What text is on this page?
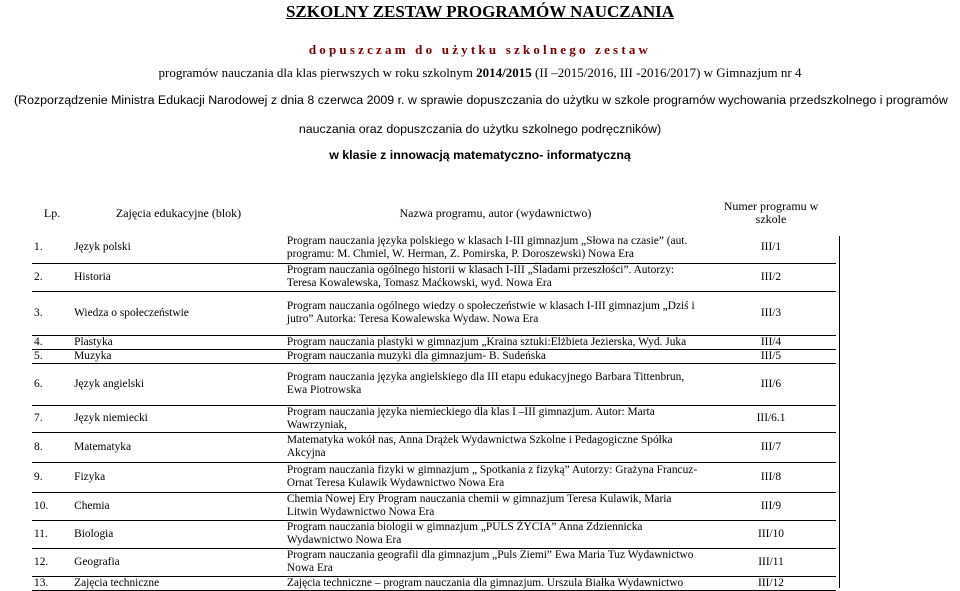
SZKOLNY ZESTAW PROGRAMÓW NAUCZANIA
dopuszczam do użytku szkolnego zestaw
programów nauczania dla klas pierwszych w roku szkolnym 2014/2015 (II –2015/2016, III -2016/2017) w Gimnazjum nr 4
(Rozporządzenie Ministra Edukacji Narodowej z dnia 8 czerwca 2009 r. w sprawie dopuszczania do użytku w szkole programów wychowania przedszkolnego i programów
nauczania oraz dopuszczania do użytku szkolnego podręczników)
w klasie z innowacją matematyczno- informatyczną
Lp.	Zajęcia edukacyjne (blok)	Nazwa programu, autor (wydawnictwo)	Numer programu w szkole
1.	Język polski	Program nauczania języka polskiego w klasach I-III gimnazjum „Słowa na czasie” (aut. programu: M. Chmiel, W. Herman, Z. Pomirska, P. Doroszewski) Nowa Era	III/1
2.	Historia	Program nauczania ogólnego historii w klasach I-III „Śladami przeszłości”. Autorzy: Teresa Kowalewska, Tomasz Maćkowski, wyd. Nowa Era	III/2
3.	Wiedza o społeczeństwie	Program nauczania ogólnego wiedzy o społeczeństwie w klasach I-III gimnazjum „Dziś i jutro” Autorka: Teresa Kowalewska Wydaw. Nowa Era	III/3
4.	Plastyka	Program nauczania plastyki w gimnazjum „Kraina sztuki:Elżbieta Jezierska, Wyd. Juka	III/4
5.	Muzyka	Program nauczania muzyki dla gimnazjum- B. Sudeńska	III/5
6.	Język angielski	Program nauczania języka angielskiego dla III etapu edukacyjnego Barbara Tittenbrun, Ewa Piotrowska	III/6
7.	Język niemiecki	Program nauczania języka niemieckiego dla klas I –III gimnazjum. Autor: Marta Wawrzyniak,	III/6.1
8.	Matematyka	Matematyka wokół nas, Anna Drążek Wydawnictwa Szkolne i Pedagogiczne Spółka Akcyjna	III/7
9.	Fizyka	Program nauczania fizyki w gimnazjum „ Spotkania z fizyką” Autorzy: Grażyna Francuz-Ornat Teresa Kulawik Wydawnictwo Nowa Era	III/8
10.	Chemia	Chemia Nowej Ery Program nauczania chemii w gimnazjum Teresa Kulawik, Maria Litwin Wydawnictwo Nowa Era	III/9
11.	Biologia	Program nauczania biologii w gimnazjum „PULS ŻYCIA” Anna Zdziennicka Wydawnictwo Nowa Era	III/10
12.	Geografia	Program nauczania geografii dla gimnazjum „Puls Ziemi” Ewa Maria Tuz Wydawnictwo Nowa Era	III/11
13.	Zajęcia techniczne	Zajęcia techniczne – program nauczania dla gimnazjum. Urszula Białka Wydawnictwo	III/12
